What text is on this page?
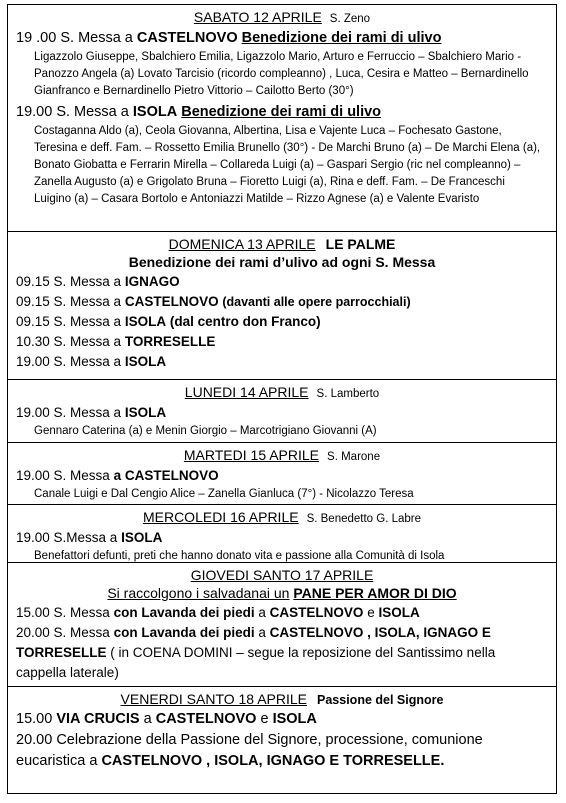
SABATO 12 APRILE S. Zeno
19 .00 S. Messa a CASTELNOVO Benedizione dei rami di ulivo
Ligazzolo Giuseppe, Sbalchiero Emilia, Ligazzolo Mario, Arturo e Ferruccio – Sbalchiero Mario - Panozzo Angela (a) Lovato Tarcisio (ricordo compleanno) , Luca, Cesira e Matteo – Bernardinello Gianfranco e Bernardinello Pietro Vittorio – Cailotto Berto (30°)
19.00 S. Messa a ISOLA Benedizione dei rami di ulivo
Costaganna Aldo (a), Ceola Giovanna, Albertina, Lisa e Vajente Luca – Fochesato Gastone, Teresina e deff. Fam. – Rossetto Emilia Brunello (30°) - De Marchi Bruno (a) – De Marchi Elena (a), Bonato Giobatta e Ferrarin Mirella – Collareda Luigi (a) – Gaspari Sergio (ric nel compleanno) – Zanella Augusto (a) e Grigolato Bruna – Fioretto Luigi (a), Rina e deff. Fam. – De Franceschi Luigino (a) – Casara Bortolo e Antoniazzi Matilde – Rizzo Agnese (a) e Valente Evaristo
DOMENICA 13 APRILE LE PALME
Benedizione dei rami d’ulivo ad ogni S. Messa
09.15 S. Messa a IGNAGO
09.15 S. Messa a CASTELNOVO (davanti alle opere parrocchiali)
09.15 S. Messa a ISOLA (dal centro don Franco)
10.30 S. Messa a TORRESELLE
19.00 S. Messa a ISOLA
LUNEDI 14 APRILE S. Lamberto
19.00 S. Messa a ISOLA
Gennaro Caterina (a) e Menin Giorgio – Marcotrigiano Giovanni (A)
MARTEDI 15 APRILE S. Marone
19.00 S. Messa a CASTELNOVO
Canale Luigi e Dal Cengio Alice – Zanella Gianluca (7°) - Nicolazzo Teresa
MERCOLEDI 16 APRILE S. Benedetto G. Labre
19.00 S.Messa a ISOLA
Benefattori defunti, preti che hanno donato vita e passione alla Comunità di Isola
GIOVEDI SANTO 17 APRILE
Si raccolgono i salvadanai un PANE PER AMOR DI DIO
15.00 S. Messa con Lavanda dei piedi a CASTELNOVO e ISOLA
20.00 S. Messa con Lavanda dei piedi a CASTELNOVO , ISOLA, IGNAGO E TORRESELLE ( in COENA DOMINI – segue la reposizione del Santissimo nella cappella laterale)
VENERDI SANTO 18 APRILE Passione del Signore
15.00 VIA CRUCIS a CASTELNOVO e ISOLA
20.00 Celebrazione della Passione del Signore, processione, comunione eucaristica a CASTELNOVO , ISOLA, IGNAGO E TORRESELLE.
